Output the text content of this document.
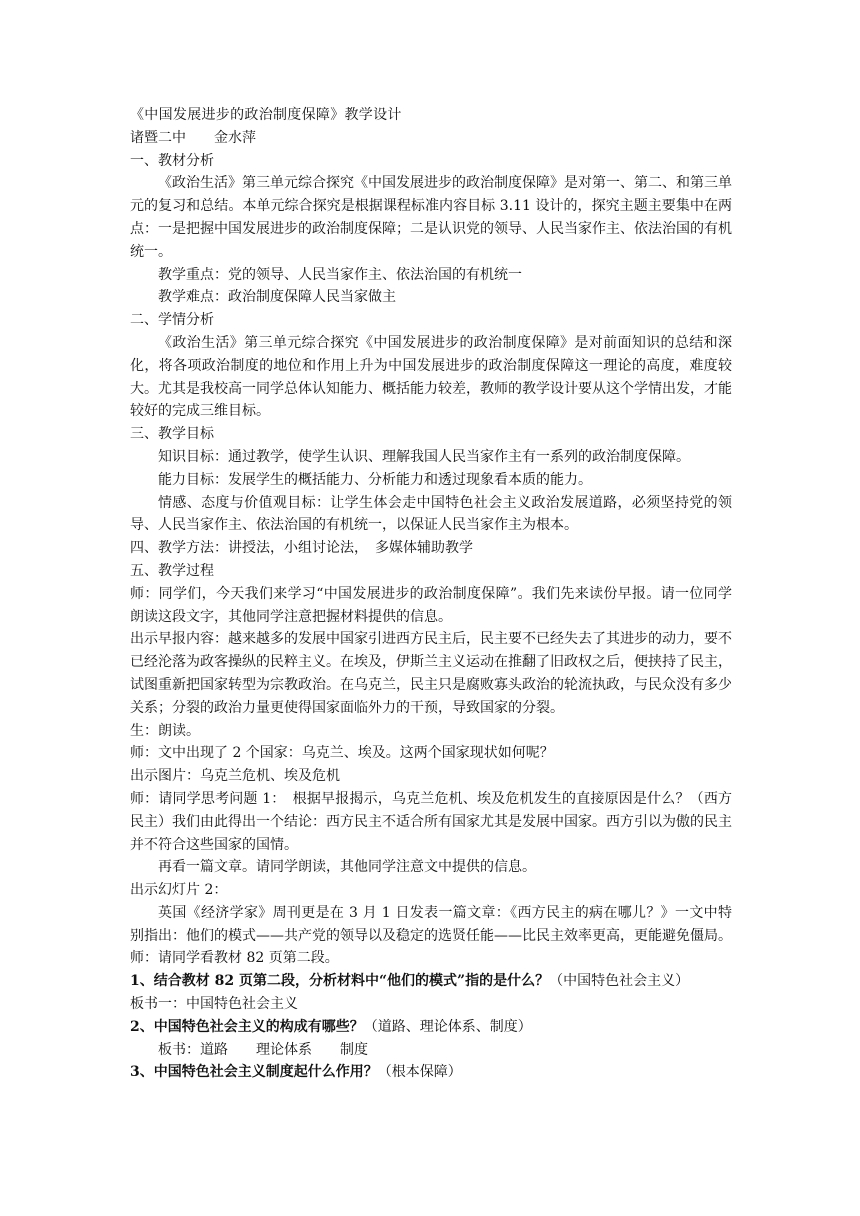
《中国发展进步的政治制度保障》教学设计

诸暨二中　　金水萍

一、教材分析

《政治生活》第三单元综合探究《中国发展进步的政治制度保障》是对第一、第二、和第三单元的复习和总结。本单元综合探究是根据课程标准内容目标 3.11 设计的，探究主题主要集中在两点：一是把握中国发展进步的政治制度保障；二是认识党的领导、人民当家作主、依法治国的有机统一。

教学重点：党的领导、人民当家作主、依法治国的有机统一

教学难点：政治制度保障人民当家做主

二、学情分析

《政治生活》第三单元综合探究《中国发展进步的政治制度保障》是对前面知识的总结和深化，将各项政治制度的地位和作用上升为中国发展进步的政治制度保障这一理论的高度，难度较大。尤其是我校高一同学总体认知能力、概括能力较差，教师的教学设计要从这个学情出发，才能较好的完成三维目标。

三、教学目标

知识目标：通过教学，使学生认识、理解我国人民当家作主有一系列的政治制度保障。

能力目标：发展学生的概括能力、分析能力和透过现象看本质的能力。

情感、态度与价值观目标：让学生体会走中国特色社会主义政治发展道路，必须坚持党的领导、人民当家作主、依法治国的有机统一，以保证人民当家作主为根本。

四、教学方法：讲授法，小组讨论法，　多媒体辅助教学

五、教学过程

师：同学们，今天我们来学习“中国发展进步的政治制度保障”。我们先来读份早报。请一位同学朗读这段文字，其他同学注意把握材料提供的信息。

出示早报内容：越来越多的发展中国家引进西方民主后，民主要不已经失去了其进步的动力，要不已经沦落为政客操纵的民粹主义。在埃及，伊斯兰主义运动在推翻了旧政权之后，便挟持了民主，试图重新把国家转型为宗教政治。在乌克兰，民主只是腐败寡头政治的轮流执政，与民众没有多少关系；分裂的政治力量更使得国家面临外力的干预，导致国家的分裂。

生：朗读。

师：文中出现了 2 个国家：乌克兰、埃及。这两个国家现状如何呢？

出示图片：乌克兰危机、埃及危机

师：请同学思考问题 1：　根据早报揭示，乌克兰危机、埃及危机发生的直接原因是什么？（西方民主）我们由此得出一个结论：西方民主不适合所有国家尤其是发展中国家。西方引以为傲的民主并不符合这些国家的国情。

再看一篇文章。请同学朗读，其他同学注意文中提供的信息。

出示幻灯片 2：

英国《经济学家》周刊更是在 3 月 1 日发表一篇文章：《西方民主的病在哪儿？》一文中特别指出：他们的模式——共产党的领导以及稳定的选贤任能——比民主效率更高，更能避免僵局。

师：请同学看教材 82 页第二段。

1、结合教材 82 页第二段，分析材料中“他们的模式”指的是什么？（中国特色社会主义）

板书一：中国特色社会主义

2、中国特色社会主义的构成有哪些？（道路、理论体系、制度）

板书：道路　　理论体系　　制度

3、中国特色社会主义制度起什么作用？（根本保障）
